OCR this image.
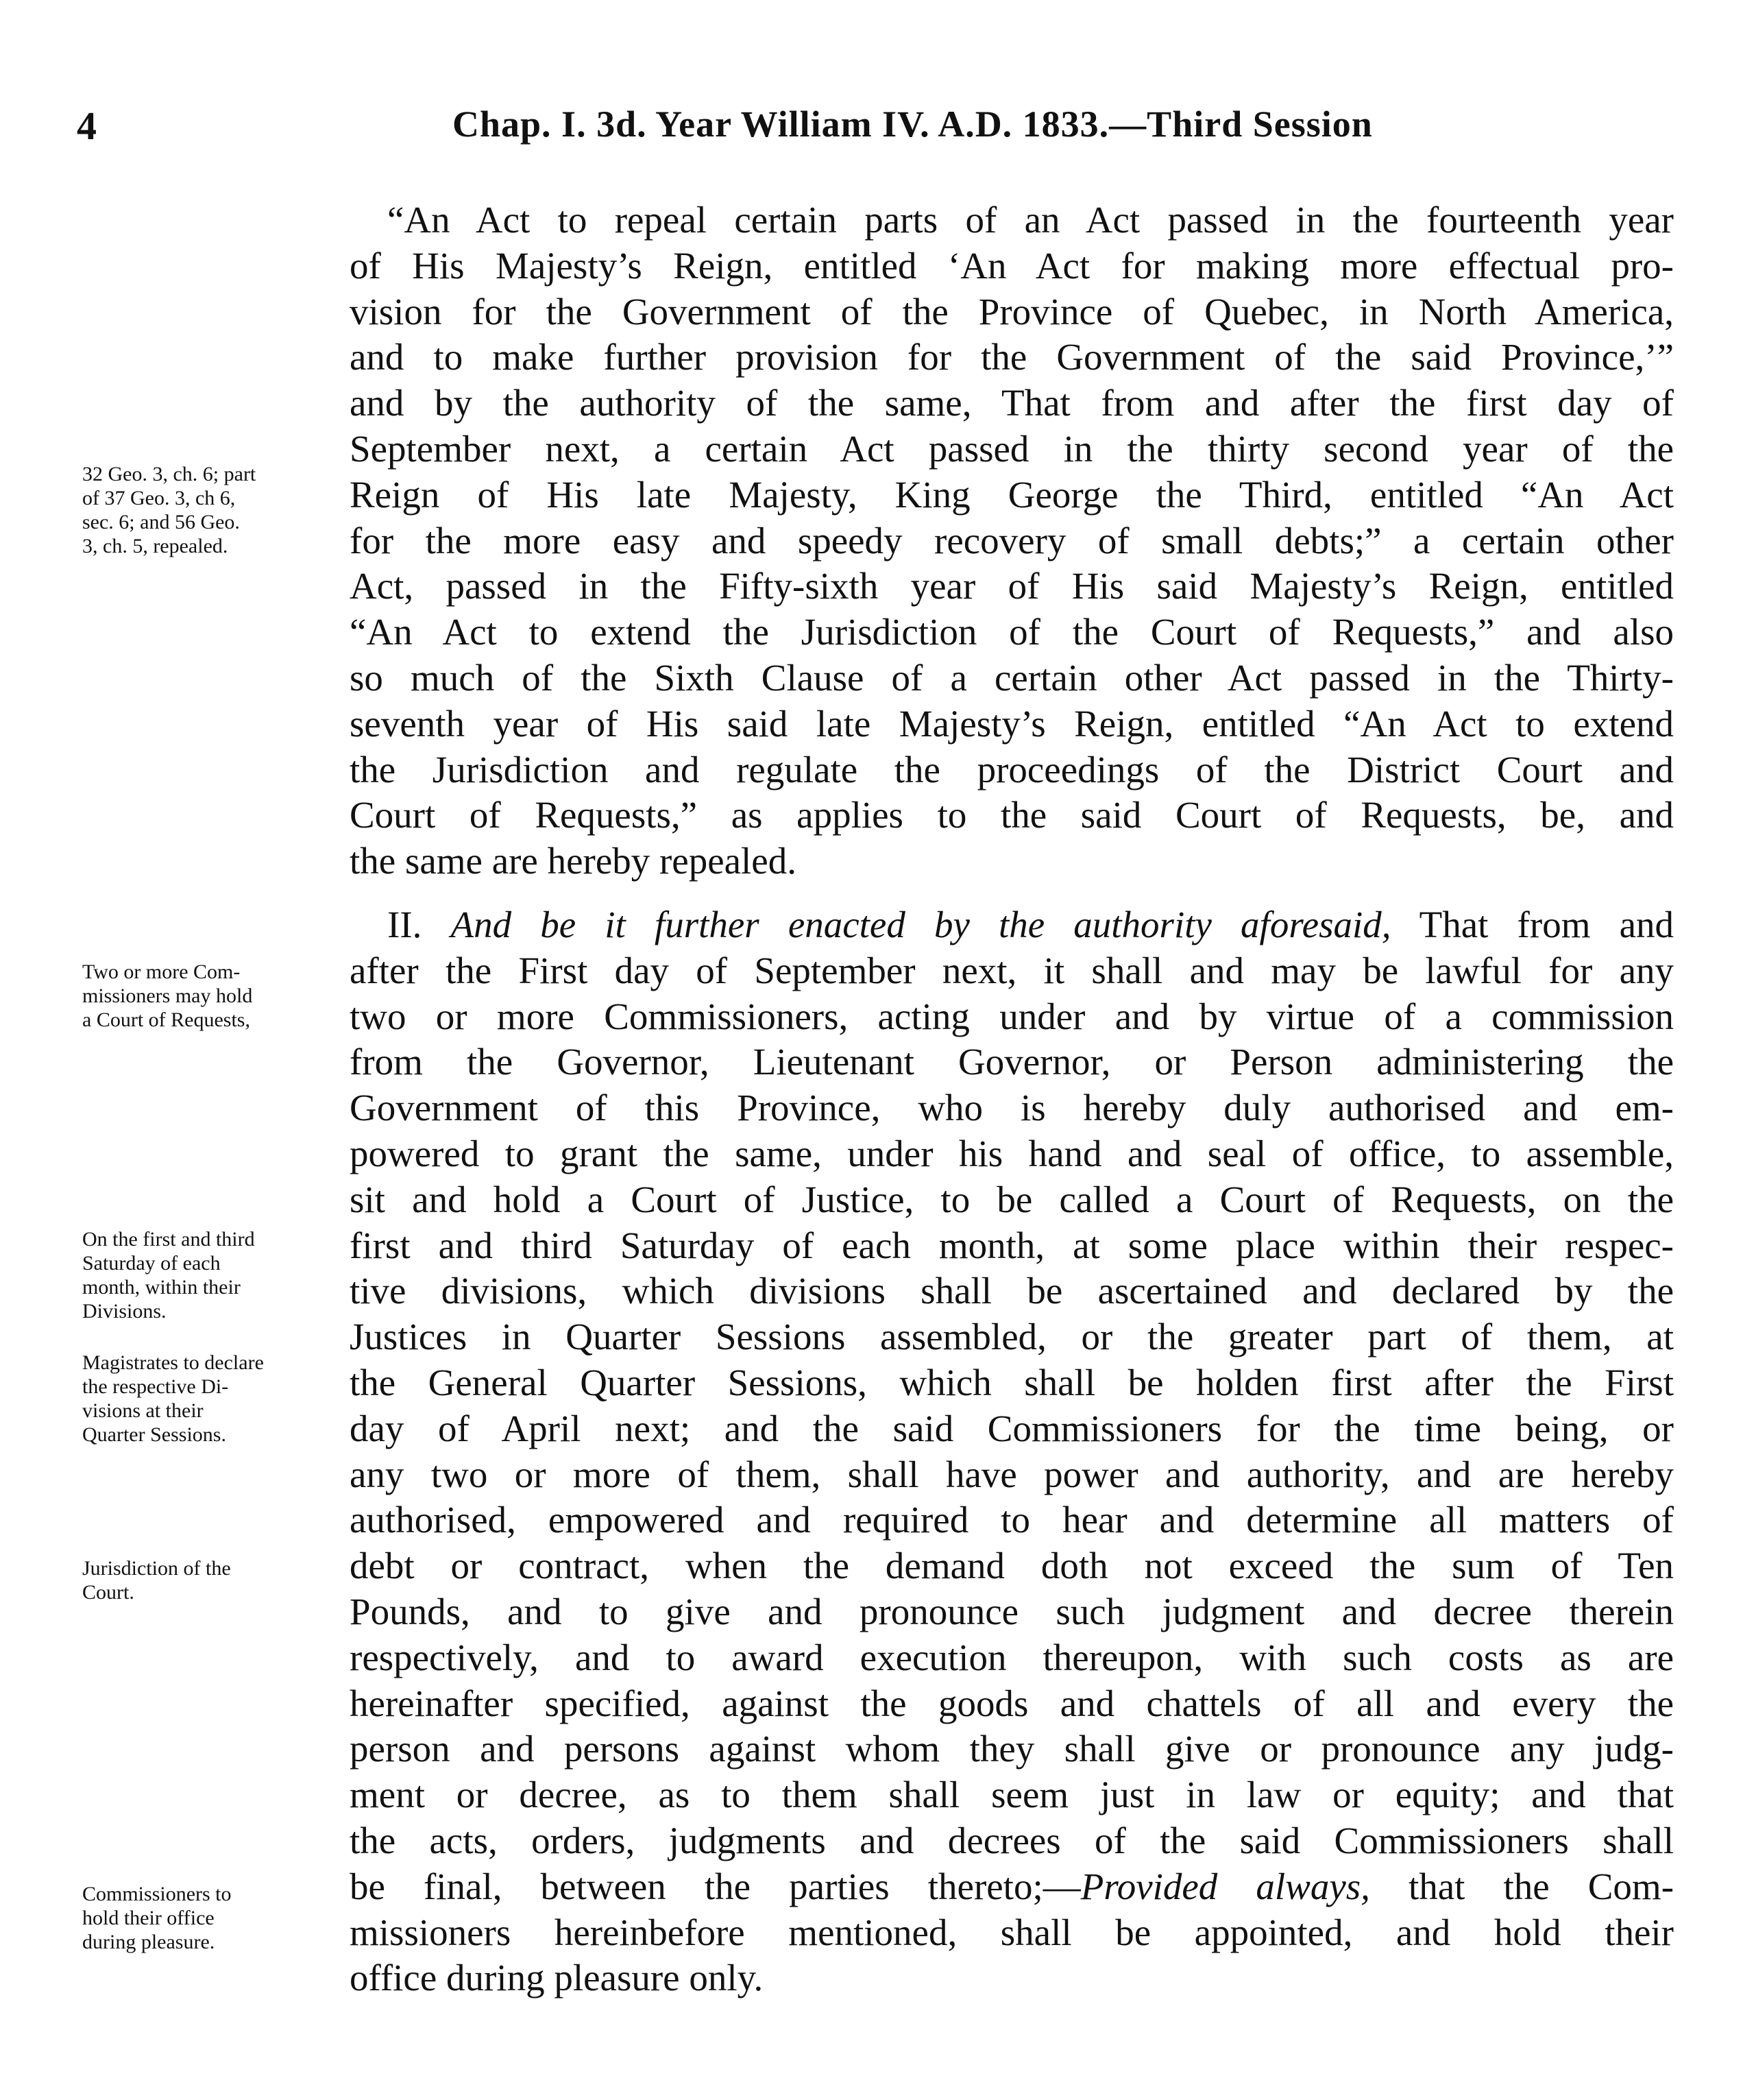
4	Chap. I. 3d. Year William IV. A.D. 1833.—Third Session
“An Act to repeal certain parts of an Act passed in the fourteenth year
of His Majesty’s Reign, entitled ‘An Act for making more effectual pro-
vision for the Government of the Province of Quebec, in North America,
and to make further provision for the Government of the said Province,’”
and by the authority of the same, That from and after the first day of
September next, a certain Act passed in the thirty second year of the
Reign of His late Majesty, King George the Third, entitled “An Act
for the more easy and speedy recovery of small debts;” a certain other
Act, passed in the Fifty-sixth year of His said Majesty’s Reign, entitled
“An Act to extend the Jurisdiction of the Court of Requests,” and also
so much of the Sixth Clause of a certain other Act passed in the Thirty-
seventh year of His said late Majesty’s Reign, entitled “An Act to extend
the Jurisdiction and regulate the proceedings of the District Court and
Court of Requests,” as applies to the said Court of Requests, be, and
the same are hereby repealed.
II. And be it further enacted by the authority aforesaid, That from and
after the First day of September next, it shall and may be lawful for any
two or more Commissioners, acting under and by virtue of a commission
from the Governor, Lieutenant Governor, or Person administering the
Government of this Province, who is hereby duly authorised and em-
powered to grant the same, under his hand and seal of office, to assemble,
sit and hold a Court of Justice, to be called a Court of Requests, on the
first and third Saturday of each month, at some place within their respec-
tive divisions, which divisions shall be ascertained and declared by the
Justices in Quarter Sessions assembled, or the greater part of them, at
the General Quarter Sessions, which shall be holden first after the First
day of April next; and the said Commissioners for the time being, or
any two or more of them, shall have power and authority, and are hereby
authorised, empowered and required to hear and determine all matters of
debt or contract, when the demand doth not exceed the sum of Ten
Pounds, and to give and pronounce such judgment and decree therein
respectively, and to award execution thereupon, with such costs as are
hereinafter specified, against the goods and chattels of all and every the
person and persons against whom they shall give or pronounce any judg-
ment or decree, as to them shall seem just in law or equity; and that
the acts, orders, judgments and decrees of the said Commissioners shall
be final, between the parties thereto;—Provided always, that the Com-
missioners hereinbefore mentioned, shall be appointed, and hold their
office during pleasure only.
32 Geo. 3, ch. 6; part
of 37 Geo. 3, ch 6,
sec. 6; and 56 Geo.
3, ch. 5, repealed.
Two or more Com-
missioners may hold
a Court of Requests,
On the first and third
Saturday of each
month, within their
Divisions.
Magistrates to declare
the respective Di-
visions at their
Quarter Sessions.
Jurisdiction of the
Court.
Commissioners to
hold their office
during pleasure.
